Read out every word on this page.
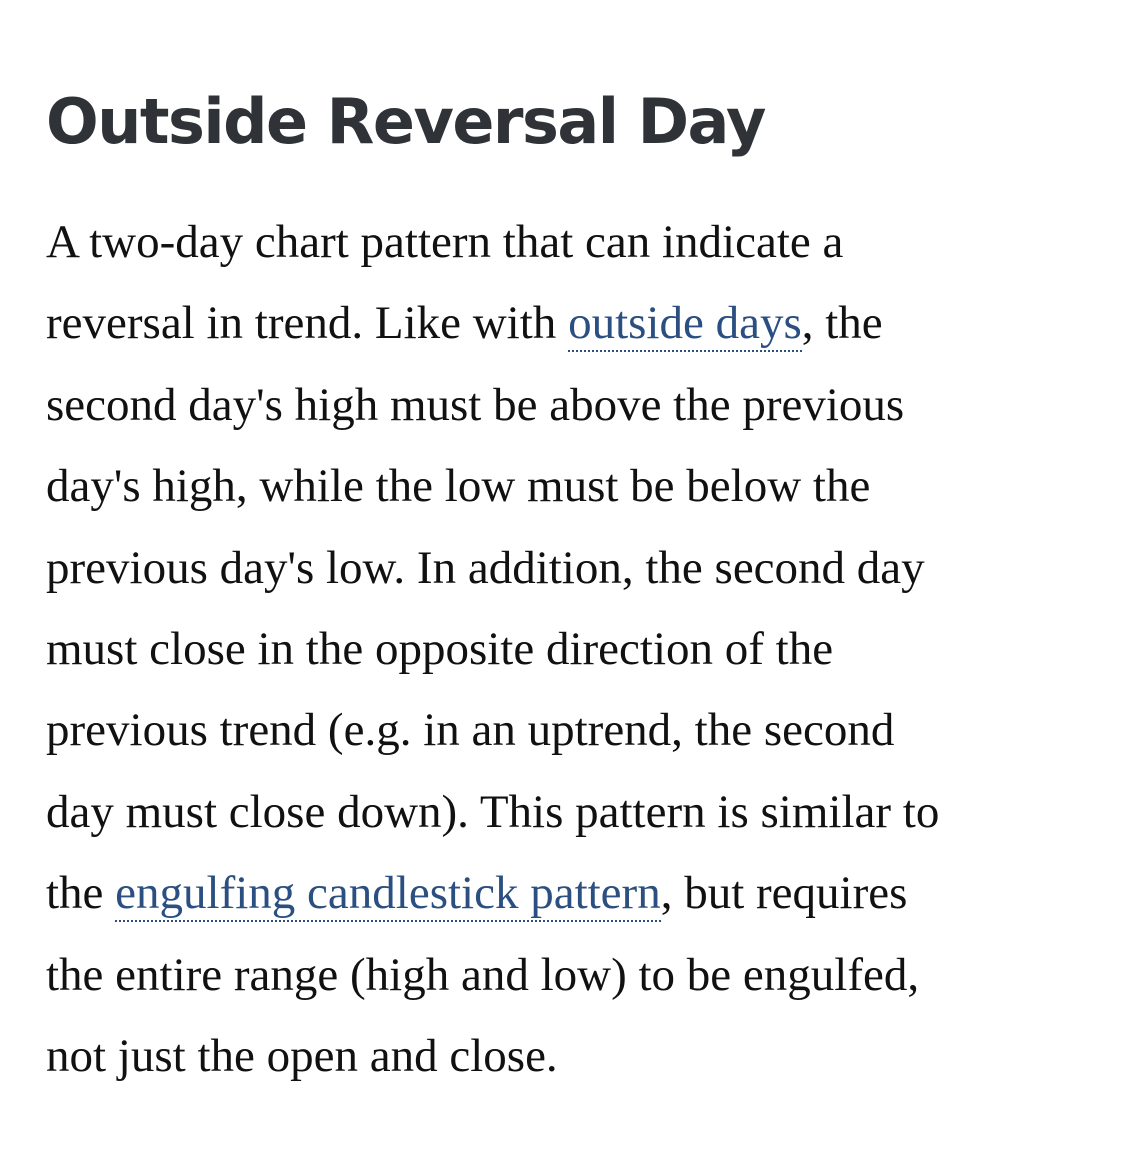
Outside Reversal Day

A two-day chart pattern that can indicate a
reversal in trend. Like with outside days, the
second day's high must be above the previous
day's high, while the low must be below the
previous day's low. In addition, the second day
must close in the opposite direction of the
previous trend (e.g. in an uptrend, the second
day must close down). This pattern is similar to
the engulfing candlestick pattern, but requires
the entire range (high and low) to be engulfed,
not just the open and close.
